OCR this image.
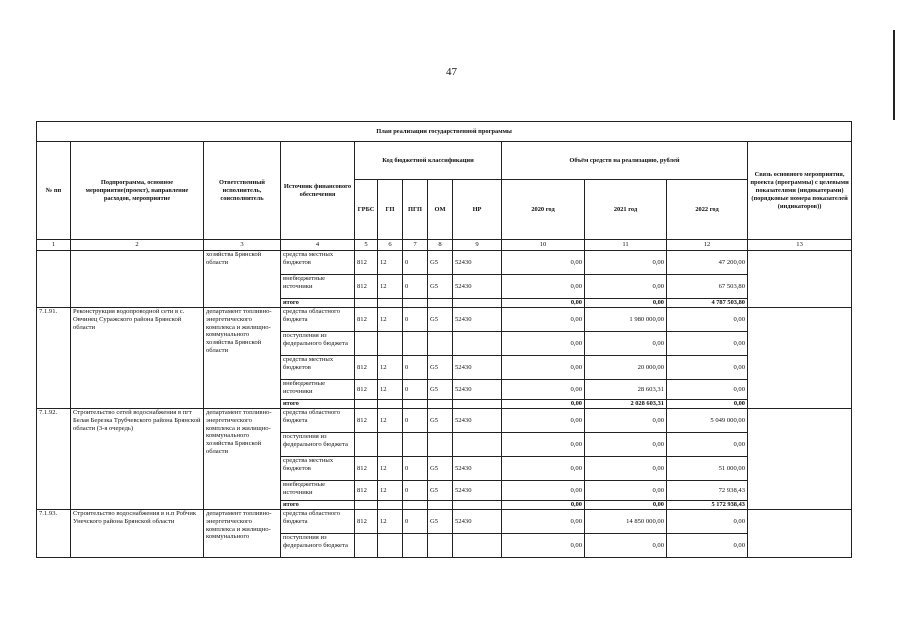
47
План реализации государственной программы												
№ пп	Подпрограмма, основное мероприятие(проект), направление расходов, мероприятие	Ответственный исполнитель, соисполнитель	Источник финансового обеспечения	Код бюджетной классификации					Объём средств на реализацию, рублей			Связь основного мероприятия, проекта (программы) с целевыми показателями (индикатерами) (порядковые номера показателей (индикаторов))
				ГРБС	ГП	ПГП	ОМ	НР	2020 год	2021 год	2022 год	
1	2	3	4	5	6	7	8	9	10	11	12	13
		хозяйства Брянской области	средства местных бюджетов	812	12	0	G5	52430	0,00	0,00	47 200,00	
			внебюджетные источники	812	12	0	G5	52430	0,00	0,00	67 503,80	
			итого						0,00	0,00	4 787 503,80	
7.1.91.	Реконструкция водопроводной сети в с. Овчинец Суражского района Брянской области	департамент топливно-энергетического комплекса и жилищно-коммунального хозяйства Брянской области	средства областного бюджета	812	12	0	G5	52430	0,00	1 980 000,00	0,00	
			поступления из федерального бюджета						0,00	0,00	0,00	
			средства местных бюджетов	812	12	0	G5	52430	0,00	20 000,00	0,00	
			внебюджетные источники	812	12	0	G5	52430	0,00	28 603,31	0,00	
			итого						0,00	2 028 603,31	0,00	
7.1.92.	Строительство сетей водоснабжения в пгт Белая Березка Трубчевского района Брянской области (3-я очередь)	департамент топливно-энергетического комплекса и жилищно-коммунального хозяйства Брянской области	средства областного бюджета	812	12	0	G5	52430	0,00	0,00	5 049 000,00	
			поступления из федерального бюджета						0,00	0,00	0,00	
			средства местных бюджетов	812	12	0	G5	52430	0,00	0,00	51 000,00	
			внебюджетные источники	812	12	0	G5	52430	0,00	0,00	72 938,43	
			итого						0,00	0,00	5 172 938,43	
7.1.93.	Строительство водоснабжения в н.п Робчик Унечского района Брянской области	департамент топливно-энергетического комплекса и жилищно-коммунального	средства областного бюджета	812	12	0	G5	52430	0,00	14 850 000,00	0,00	
			поступления из федерального бюджета						0,00	0,00	0,00	
